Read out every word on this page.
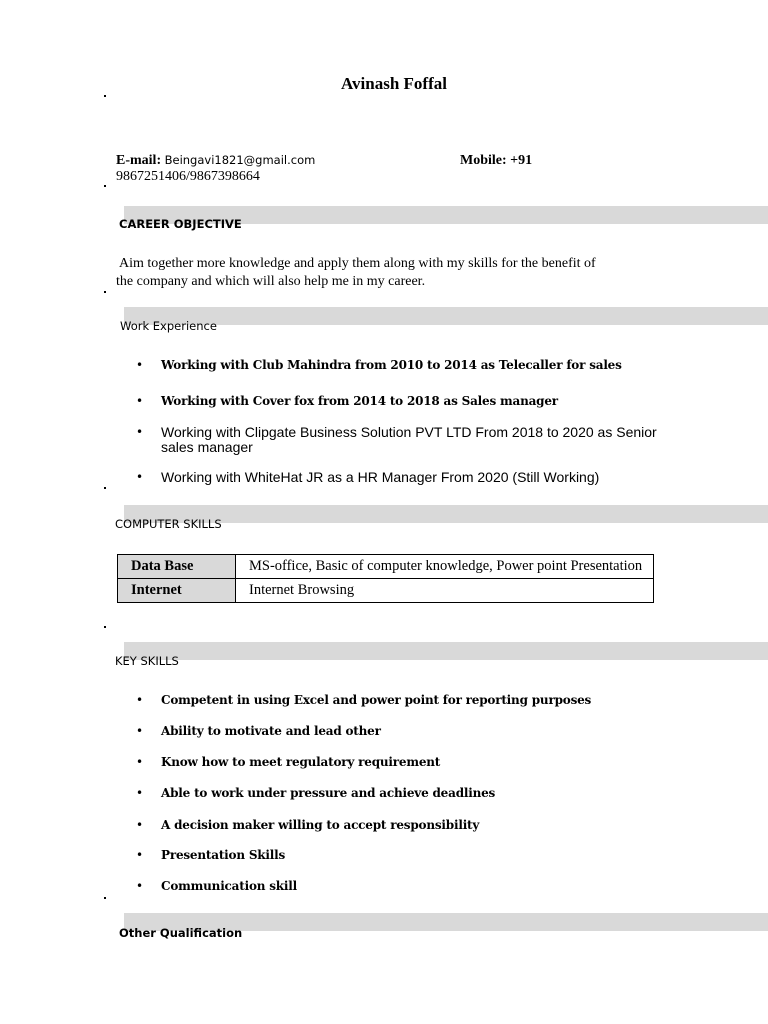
Avinash Foffal
E-mail: Beingavi1821@gmail.com	Mobile: +91
9867251406/9867398664
CAREER OBJECTIVE
Aim together more knowledge and apply them along with my skills for the benefit of
the company and which will also help me in my career.
Work Experience
• Working with Club Mahindra from 2010 to 2014 as Telecaller for sales
• Working with Cover fox from 2014 to 2018 as Sales manager
• Working with Clipgate Business Solution PVT LTD From 2018 to 2020 as Senior sales manager
• Working with WhiteHat JR as a HR Manager From 2020 (Still Working)
COMPUTER SKILLS
Data Base	MS-office, Basic of computer knowledge, Power point Presentation
Internet	Internet Browsing
KEY SKILLS
• Competent in using Excel and power point for reporting purposes
• Ability to motivate and lead other
• Know how to meet regulatory requirement
• Able to work under pressure and achieve deadlines
• A decision maker willing to accept responsibility
• Presentation Skills
• Communication skill
Other Qualification
